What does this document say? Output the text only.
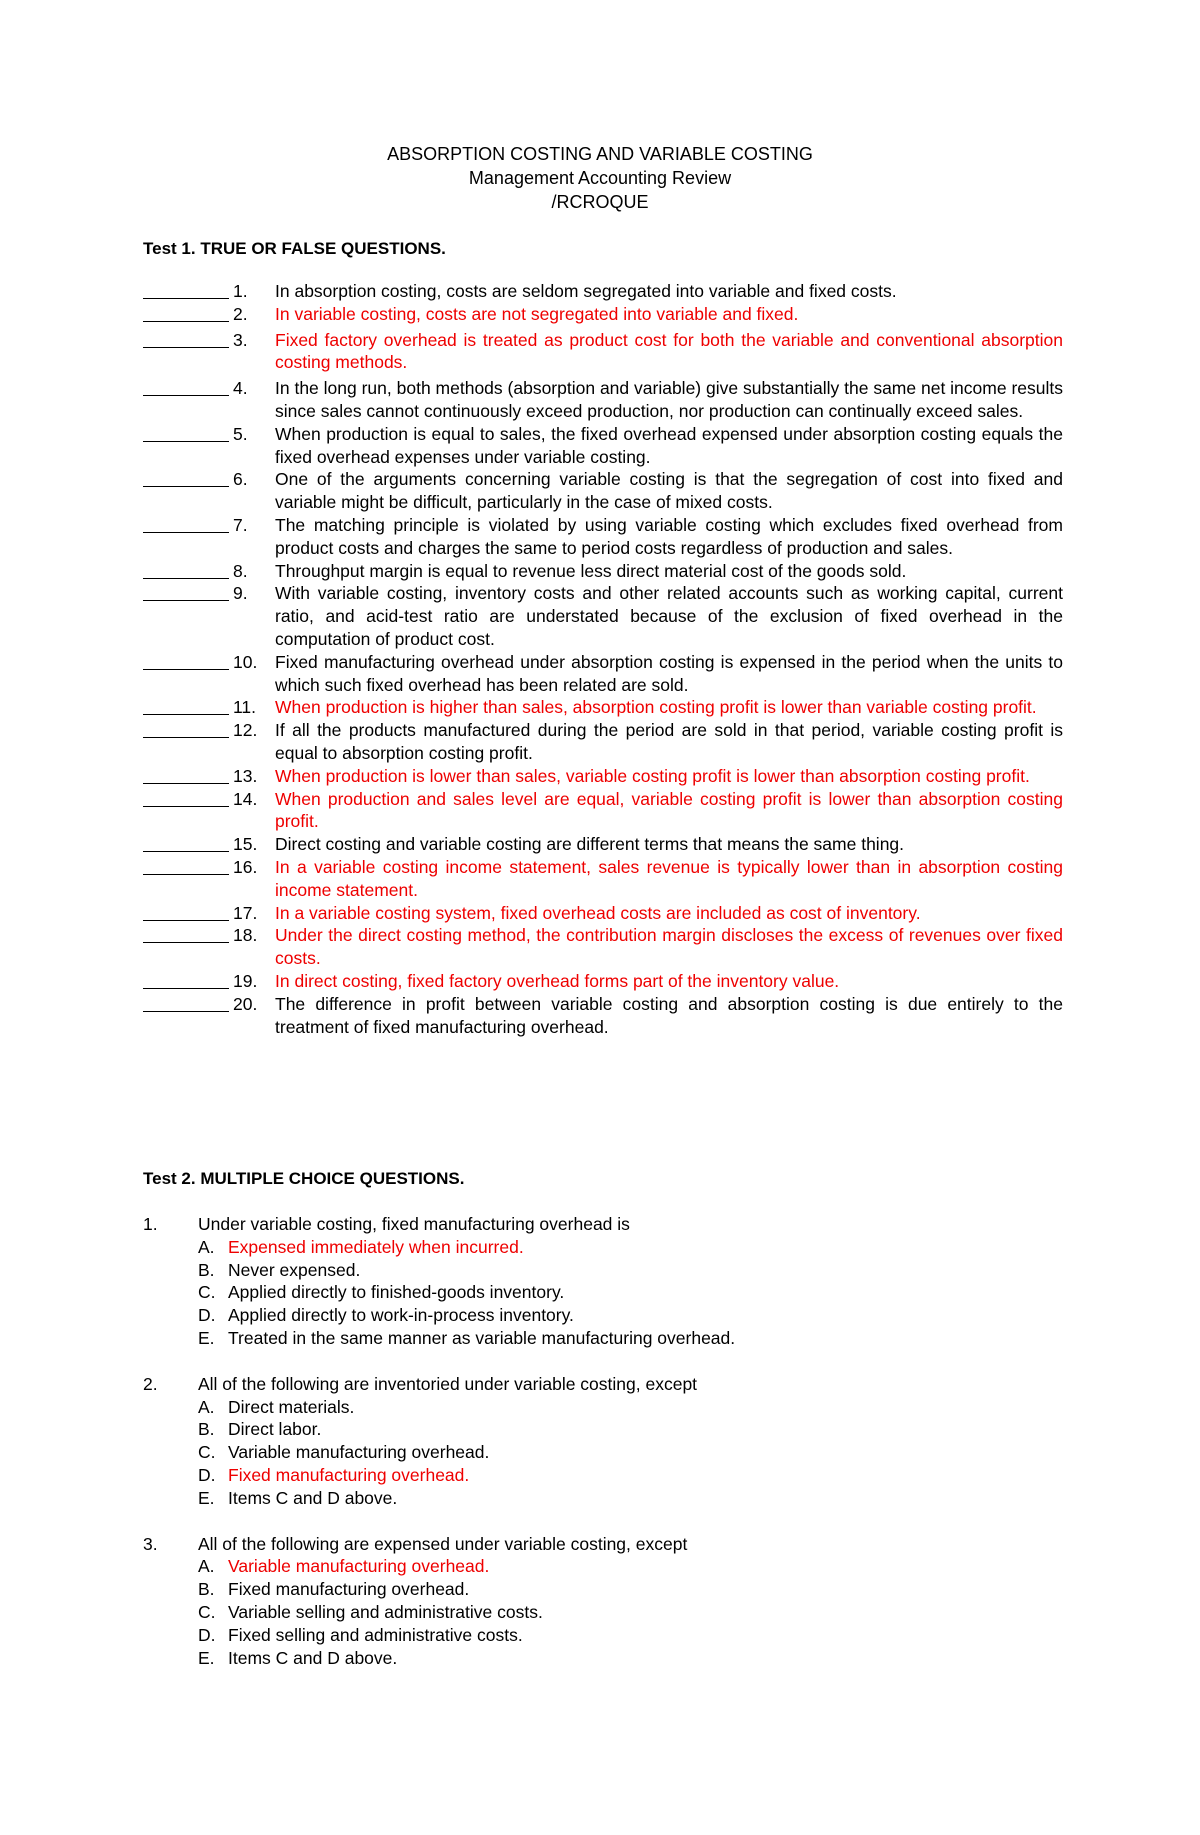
ABSORPTION COSTING AND VARIABLE COSTING
Management Accounting Review
/RCROQUE
Test 1. TRUE OR FALSE QUESTIONS.
1.	In absorption costing, costs are seldom segregated into variable and fixed costs.
2.	In variable costing, costs are not segregated into variable and fixed.
3.	Fixed factory overhead is treated as product cost for both the variable and conventional absorption costing methods.
4.	In the long run, both methods (absorption and variable) give substantially the same net income results since sales cannot continuously exceed production, nor production can continually exceed sales.
5.	When production is equal to sales, the fixed overhead expensed under absorption costing equals the fixed overhead expenses under variable costing.
6.	One of the arguments concerning variable costing is that the segregation of cost into fixed and variable might be difficult, particularly in the case of mixed costs.
7.	The matching principle is violated by using variable costing which excludes fixed overhead from product costs and charges the same to period costs regardless of production and sales.
8.	Throughput margin is equal to revenue less direct material cost of the goods sold.
9.	With variable costing, inventory costs and other related accounts such as working capital, current ratio, and acid-test ratio are understated because of the exclusion of fixed overhead in the computation of product cost.
10.	Fixed manufacturing overhead under absorption costing is expensed in the period when the units to which such fixed overhead has been related are sold.
11.	When production is higher than sales, absorption costing profit is lower than variable costing profit.
12.	If all the products manufactured during the period are sold in that period, variable costing profit is equal to absorption costing profit.
13.	When production is lower than sales, variable costing profit is lower than absorption costing profit.
14.	When production and sales level are equal, variable costing profit is lower than absorption costing profit.
15.	Direct costing and variable costing are different terms that means the same thing.
16.	In a variable costing income statement, sales revenue is typically lower than in absorption costing income statement.
17.	In a variable costing system, fixed overhead costs are included as cost of inventory.
18.	Under the direct costing method, the contribution margin discloses the excess of revenues over fixed costs.
19.	In direct costing, fixed factory overhead forms part of the inventory value.
20.	The difference in profit between variable costing and absorption costing is due entirely to the treatment of fixed manufacturing overhead.
Test 2. MULTIPLE CHOICE QUESTIONS.
1.	Under variable costing, fixed manufacturing overhead is
A. Expensed immediately when incurred.
B. Never expensed.
C. Applied directly to finished-goods inventory.
D. Applied directly to work-in-process inventory.
E. Treated in the same manner as variable manufacturing overhead.
2.	All of the following are inventoried under variable costing, except
A. Direct materials.
B. Direct labor.
C. Variable manufacturing overhead.
D. Fixed manufacturing overhead.
E. Items C and D above.
3.	All of the following are expensed under variable costing, except
A. Variable manufacturing overhead.
B. Fixed manufacturing overhead.
C. Variable selling and administrative costs.
D. Fixed selling and administrative costs.
E. Items C and D above.
